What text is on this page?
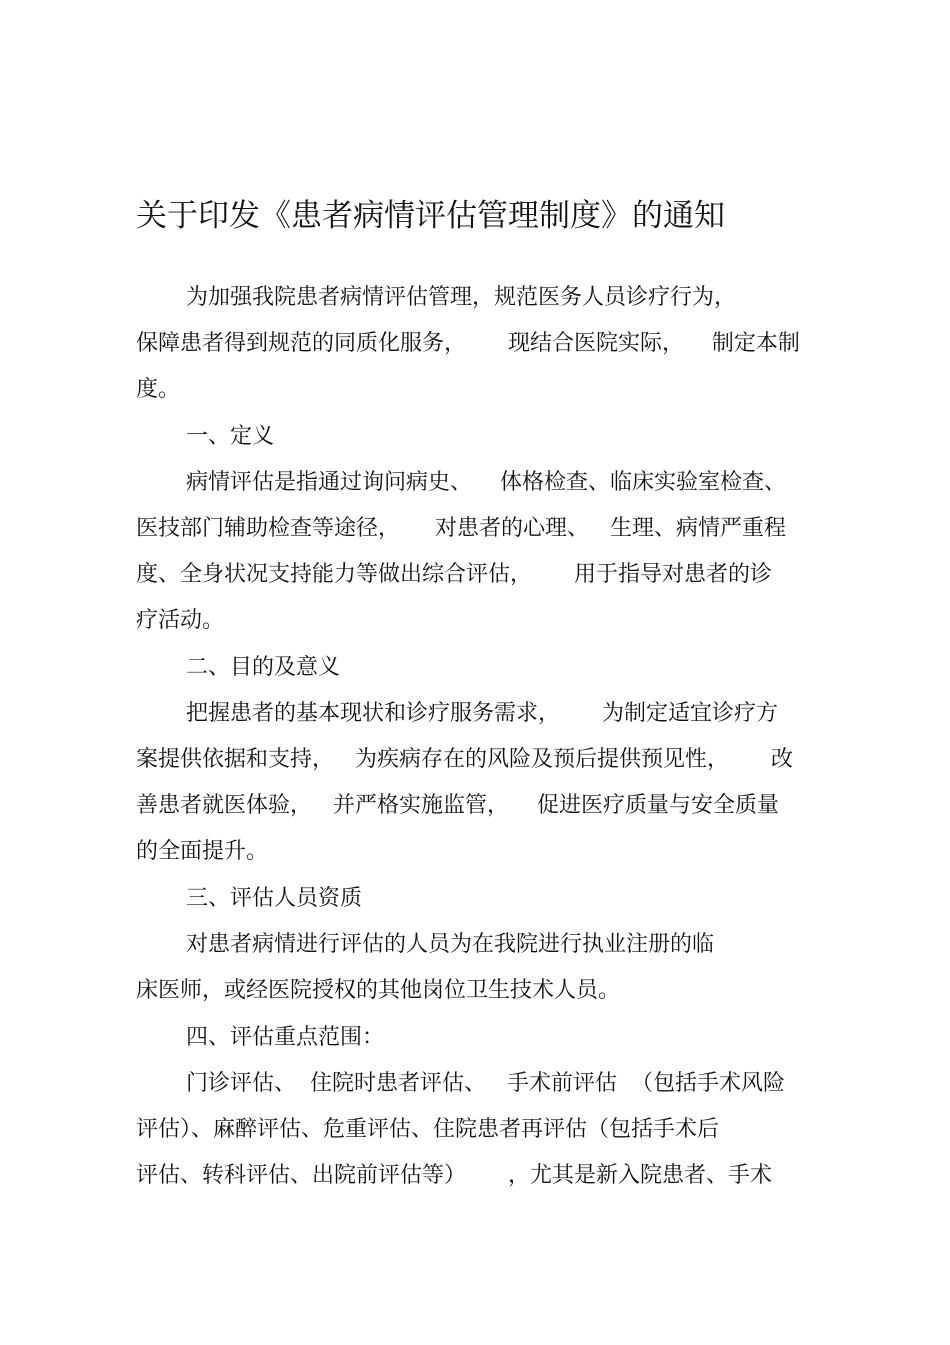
关于印发《患者病情评估管理制度》的通知
为加强我院患者病情评估管理，规范医务人员诊疗行为，
保障患者得到规范的同质化服务，      现结合医院实际，    制定本制
度。
一、定义
病情评估是指通过询问病史、    体格检查、临床实验室检查、
医技部门辅助检查等途径，     对患者的心理、   生理、病情严重程
度、全身状况支持能力等做出综合评估，      用于指导对患者的诊
疗活动。
二、目的及意义
把握患者的基本现状和诊疗服务需求，      为制定适宜诊疗方
案提供依据和支持，   为疾病存在的风险及预后提供预见性，      改
善患者就医体验，   并严格实施监管，    促进医疗质量与安全质量
的全面提升。
三、评估人员资质
对患者病情进行评估的人员为在我院进行执业注册的临
床医师，或经医院授权的其他岗位卫生技术人员。
四、评估重点范围：
门诊评估、  住院时患者评估、   手术前评估  （包括手术风险
评估）、麻醉评估、危重评估、住院患者再评估（包括手术后
评估、转科评估、出院前评估等）      ，尤其是新入院患者、手术
